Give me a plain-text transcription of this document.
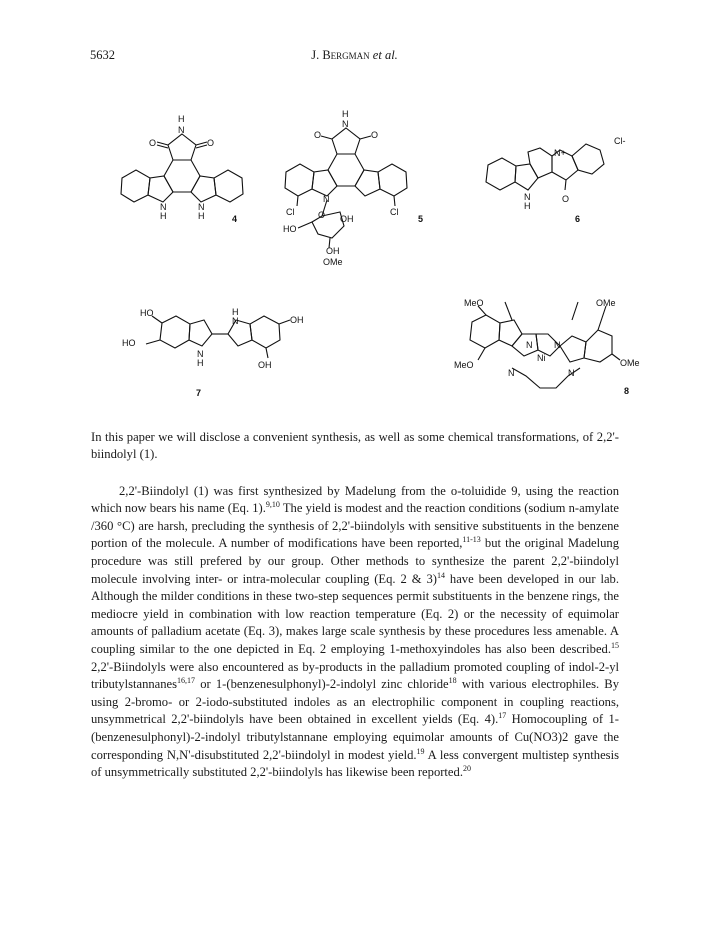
5632	J. Bergman et al.
O	O
H
N
N
H
N
H	4
O	O
H
N
N
Cl	Cl
O OH
HO
OH
OMe
5
N+
Cl-
N
H
O
6
HO
HO
N
H
H
N	OH
OH
7
MeO	OMe
MeO	OMe
N N
Ni
N	N
8

In this paper we will disclose a convenient synthesis, as well as some chemical transformations, of 2,2'-biindolyl (1).

2,2'-Biindolyl (1) was first synthesized by Madelung from the o-toluidide 9, using the reaction which now bears his name (Eq. 1).$^{9,10}$ The yield is modest and the reaction conditions (sodium n-amylate /360 °C) are harsh, precluding the synthesis of 2,2'-biindolyls with sensitive substituents in the benzene portion of the molecule. A number of modifications have been reported,$^{11-13}$ but the original Madelung procedure was still prefered by our group. Other methods to synthesize the parent 2,2'-biindolyl molecule involving inter- or intra-molecular coupling (Eq. 2 & 3)$^{14}$ have been developed in our lab. Although the milder conditions in these two-step sequences permit substituents in the benzene rings, the mediocre yield in combination with low reaction temperature (Eq. 2) or the necessity of equimolar amounts of palladium acetate (Eq. 3), makes large scale synthesis by these procedures less amenable. A coupling similar to the one depicted in Eq. 2 employing 1-methoxyindoles has also been described.$^{15}$ 2,2'-Biindolyls were also encountered as by-products in the palladium promoted coupling of indol-2-yl tributylstannanes$^{16,17}$ or 1-(benzenesulphonyl)-2-indolyl zinc chloride$^{18}$ with various electrophiles. By using 2-bromo- or 2-iodo-substituted indoles as an electrophilic component in coupling reactions, unsymmetrical 2,2'-biindolyls have been obtained in excellent yields (Eq. 4).$^{17}$ Homocoupling of 1-(benzenesulphonyl)-2-indolyl tributylstannane employing equimolar amounts of Cu(NO3)2 gave the corresponding N,N'-disubstituted 2,2'-biindolyl in modest yield.$^{19}$ A less convergent multistep synthesis of unsymmetrically substituted 2,2'-biindolyls has likewise been reported.$^{20}$
